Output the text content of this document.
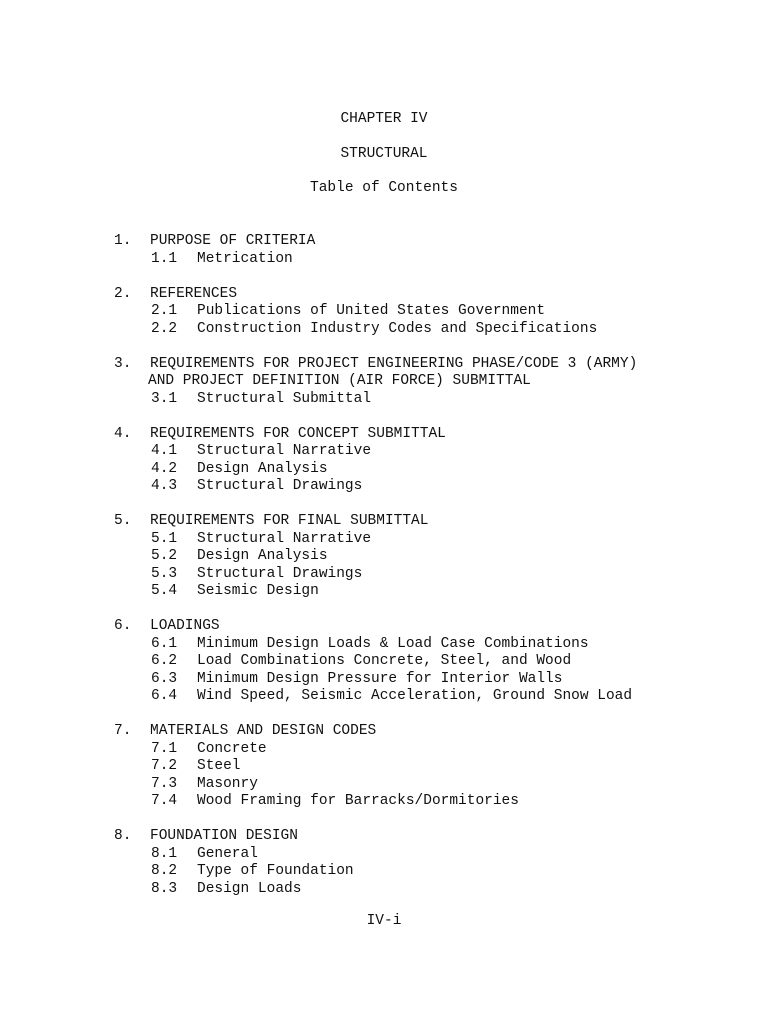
CHAPTER IV
STRUCTURAL
Table of Contents
1. PURPOSE OF CRITERIA
1.1 Metrication
2. REFERENCES
2.1 Publications of United States Government
2.2 Construction Industry Codes and Specifications
3. REQUIREMENTS FOR PROJECT ENGINEERING PHASE/CODE 3 (ARMY)
AND PROJECT DEFINITION (AIR FORCE) SUBMITTAL
3.1 Structural Submittal
4. REQUIREMENTS FOR CONCEPT SUBMITTAL
4.1 Structural Narrative
4.2 Design Analysis
4.3 Structural Drawings
5. REQUIREMENTS FOR FINAL SUBMITTAL
5.1 Structural Narrative
5.2 Design Analysis
5.3 Structural Drawings
5.4 Seismic Design
6. LOADINGS
6.1 Minimum Design Loads & Load Case Combinations
6.2 Load Combinations Concrete, Steel, and Wood
6.3 Minimum Design Pressure for Interior Walls
6.4 Wind Speed, Seismic Acceleration, Ground Snow Load
7. MATERIALS AND DESIGN CODES
7.1 Concrete
7.2 Steel
7.3 Masonry
7.4 Wood Framing for Barracks/Dormitories
8. FOUNDATION DESIGN
8.1 General
8.2 Type of Foundation
8.3 Design Loads
IV-i
